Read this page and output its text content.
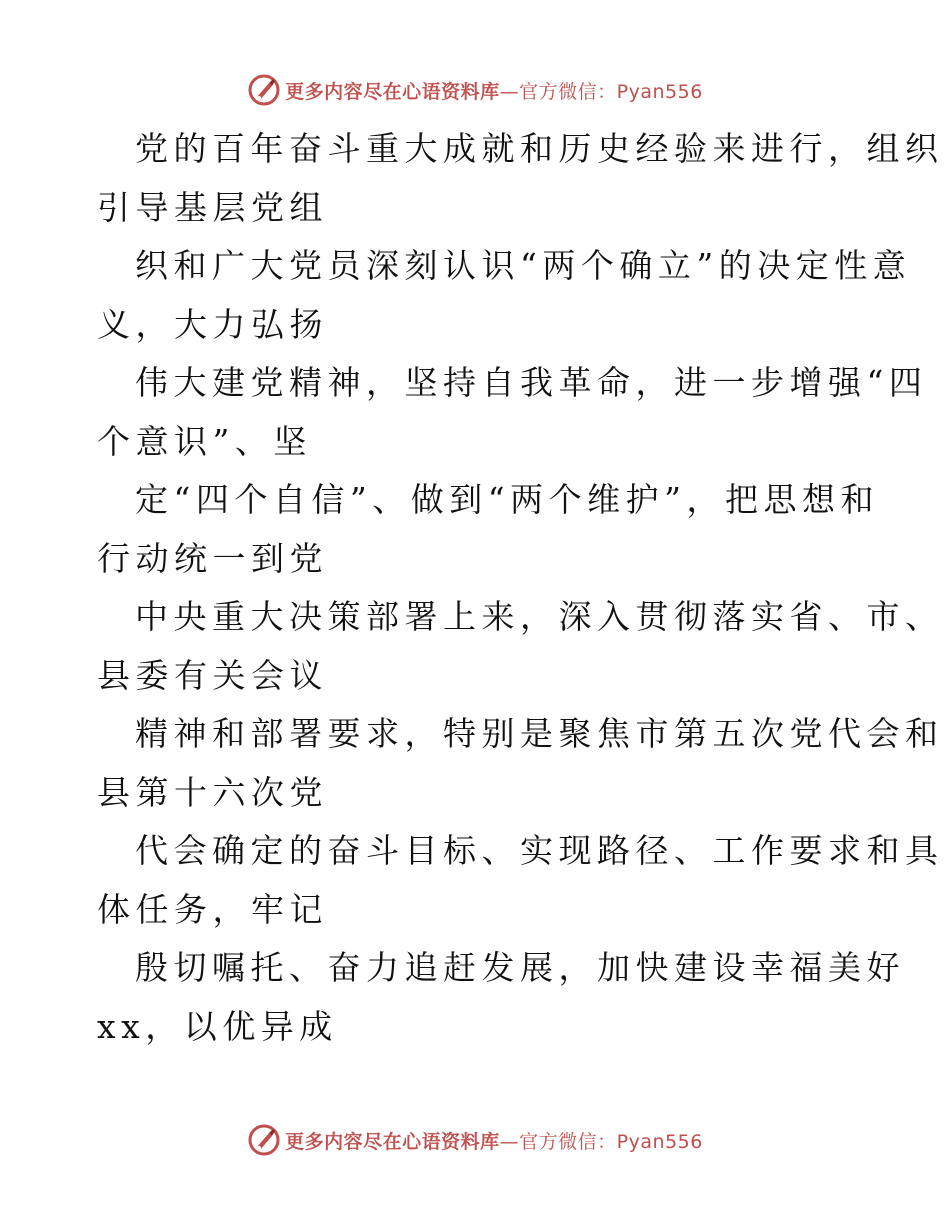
更多内容尽在心语资料库—官方微信：Pyan556
党的百年奋斗重大成就和历史经验来进行，组织
引导基层党组
织和广大党员深刻认识“两个确立”的决定性意
义，大力弘扬
伟大建党精神，坚持自我革命，进一步增强“四
个意识”、坚
定“四个自信”、做到“两个维护”，把思想和
行动统一到党
中央重大决策部署上来，深入贯彻落实省、市、
县委有关会议
精神和部署要求，特别是聚焦市第五次党代会和
县第十六次党
代会确定的奋斗目标、实现路径、工作要求和具
体任务，牢记
殷切嘱托、奋力追赶发展，加快建设幸福美好
xx，以优异成
更多内容尽在心语资料库—官方微信：Pyan556
